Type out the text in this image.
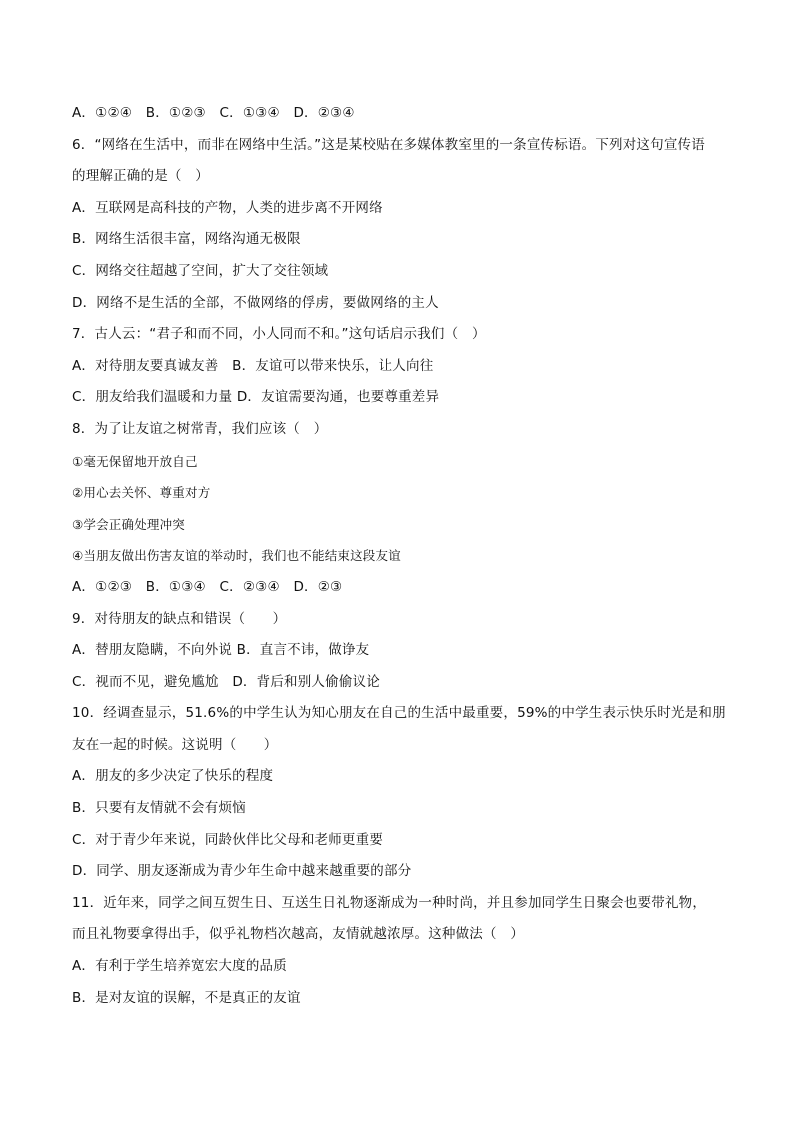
A．①②④　B．①②③　C．①③④　D．②③④
6．“网络在生活中，而非在网络中生活。”这是某校贴在多媒体教室里的一条宣传标语。下列对这句宣传语
的理解正确的是（　）
A．互联网是高科技的产物，人类的进步离不开网络
B．网络生活很丰富，网络沟通无极限
C．网络交往超越了空间，扩大了交往领域
D．网络不是生活的全部，不做网络的俘虏，要做网络的主人
7．古人云：“君子和而不同，小人同而不和。”这句话启示我们（　）
A．对待朋友要真诚友善　B．友谊可以带来快乐，让人向往
C．朋友给我们温暖和力量 D．友谊需要沟通，也要尊重差异
8．为了让友谊之树常青，我们应该（　）
①毫无保留地开放自己
②用心去关怀、尊重对方
③学会正确处理冲突
④当朋友做出伤害友谊的举动时，我们也不能结束这段友谊
A．①②③　B．①③④　C．②③④　D．②③
9．对待朋友的缺点和错误（　　）
A．替朋友隐瞒，不向外说 B．直言不讳，做诤友
C．视而不见，避免尴尬　D．背后和别人偷偷议论
10．经调查显示，51.6%的中学生认为知心朋友在自己的生活中最重要，59%的中学生表示快乐时光是和朋
友在一起的时候。这说明（　　）
A．朋友的多少决定了快乐的程度
B．只要有友情就不会有烦恼
C．对于青少年来说，同龄伙伴比父母和老师更重要
D．同学、朋友逐渐成为青少年生命中越来越重要的部分
11．近年来，同学之间互贺生日、互送生日礼物逐渐成为一种时尚，并且参加同学生日聚会也要带礼物，
而且礼物要拿得出手，似乎礼物档次越高，友情就越浓厚。这种做法（　）
A．有利于学生培养宽宏大度的品质
B．是对友谊的误解，不是真正的友谊
